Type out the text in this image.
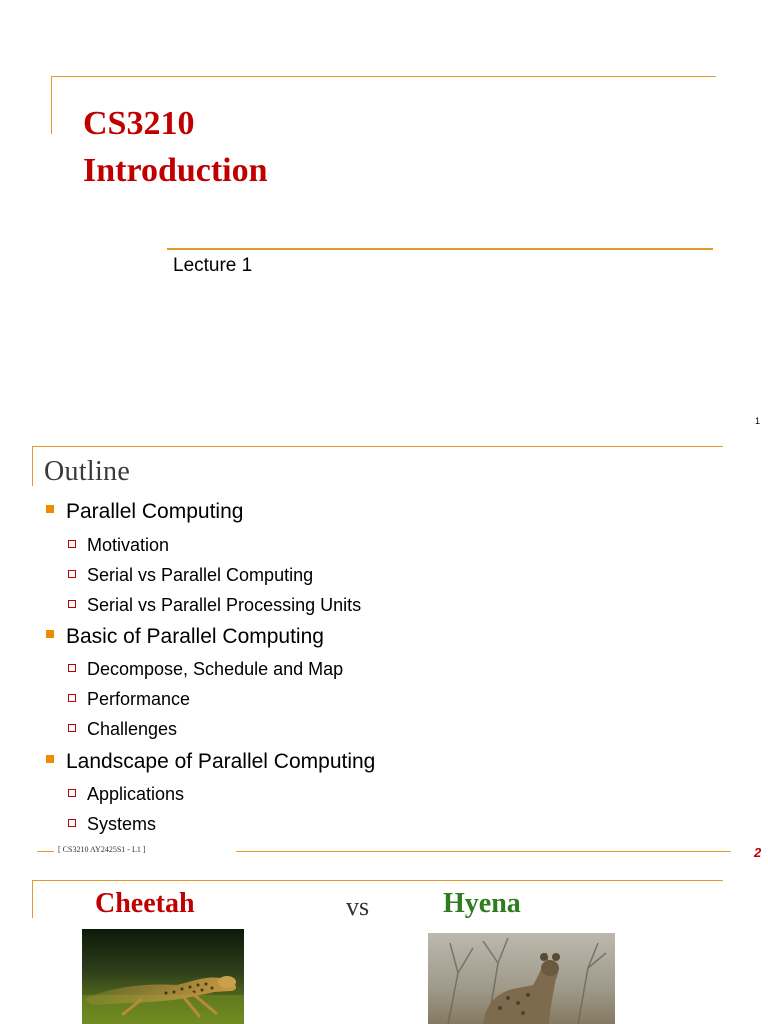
CS3210
Introduction
Lecture 1
1
Outline
Parallel Computing
Motivation
Serial vs Parallel Computing
Serial vs Parallel Processing Units
Basic of Parallel Computing
Decompose, Schedule and Map
Performance
Challenges
Landscape of Parallel Computing
Applications
Systems
[ CS3210 AY2425S1 - L1 ]	2
Cheetah	vs	Hyena
